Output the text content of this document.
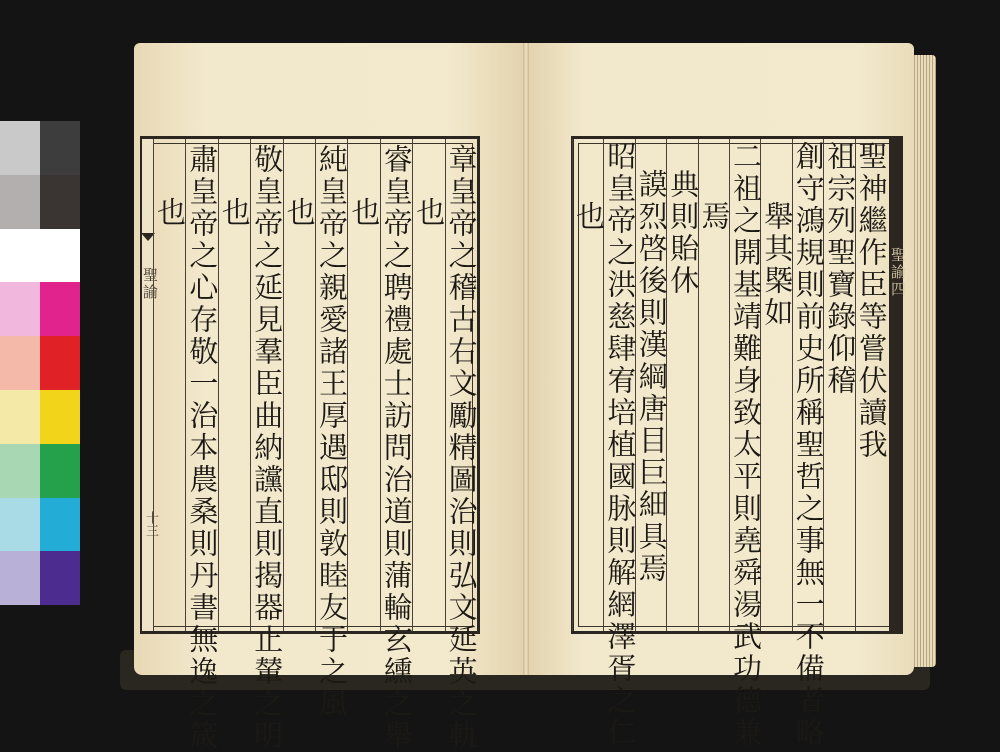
聖諭
十三	章皇帝之稽古右文勵精圖治則弘文延英之軌
也
睿皇帝之聘禮處士訪問治道則蒲輪玄纁之舉
也
純皇帝之親愛諸王厚遇邸則敦睦友于之風
也
敬皇帝之延見羣臣曲納讜直則揭器止輦之明
也
肅皇帝之心存敬一治本農桑則丹書無逸之箴
也
聖諭四
聖神繼作臣等嘗伏讀我
祖宗列聖寶錄仰稽
創守鴻規則前史所稱聖哲之事無一不備者略
舉其槩如
二祖之開基靖難身致太平則堯舜湯武功德兼
焉
典則貽休
謨烈啓後則漢綱唐目巨細具焉
昭皇帝之洪慈肆宥培植國脉則解網澤胥之仁
也
